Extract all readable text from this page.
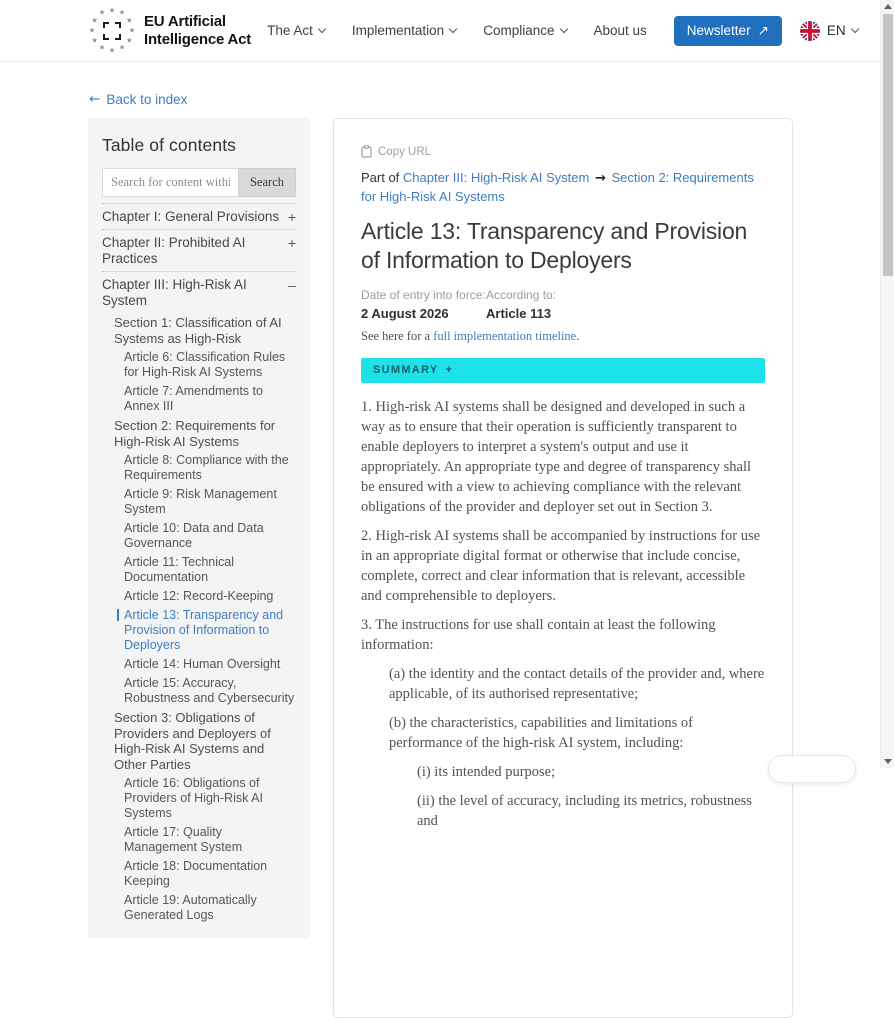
★ ★
★
★
★
★
★
★
★
★
★
★
EU Artificial
Intelligence Act The Act	Implementation	Compliance	About us	Newsletter ↗	EN
← Back to index
Table of contents
Search for content within the Act
Search
Chapter I: General Provisions +
Chapter II: Prohibited AI Practices
+
Chapter III: High-Risk AI System
–
Section 1: Classification of AI Systems as High-Risk
Article 6: Classification Rules for High-Risk AI Systems
Article 7: Amendments to Annex III
Section 2: Requirements for High-Risk AI Systems
Article 8: Compliance with the Requirements
Article 9: Risk Management System
Article 10: Data and Data Governance
Article 11: Technical Documentation
Article 12: Record-Keeping
Article 13: Transparency and Provision of Information to Deployers
Article 14: Human Oversight
Article 15: Accuracy, Robustness and Cybersecurity
Section 3: Obligations of Providers and Deployers of High-Risk AI Systems and Other Parties
Article 16: Obligations of Providers of High-Risk AI Systems
Article 17: Quality Management System
Article 18: Documentation Keeping
Article 19: Automatically Generated Logs
Copy URL
Part of Chapter III: High-Risk AI System → Section 2: Requirements for High-Risk AI Systems
Article 13: Transparency and Provision of Information to Deployers
Date of entry into force:
2 August 2026
According to:
Article 113
See here for a full implementation timeline.
SUMMARY +
1. High-risk AI systems shall be designed and developed in such a way as to ensure that their operation is sufficiently transparent to enable deployers to interpret a system's output and use it appropriately. An appropriate type and degree of transparency shall be ensured with a view to achieving compliance with the relevant obligations of the provider and deployer set out in Section 3.
2. High-risk AI systems shall be accompanied by instructions for use in an appropriate digital format or otherwise that include concise, complete, correct and clear information that is relevant, accessible and comprehensible to deployers.
3. The instructions for use shall contain at least the following information:
(a) the identity and the contact details of the provider and, where applicable, of its authorised representative;
(b) the characteristics, capabilities and limitations of performance of the high-risk AI system, including:
(i) its intended purpose;
(ii) the level of accuracy, including its metrics, robustness and
